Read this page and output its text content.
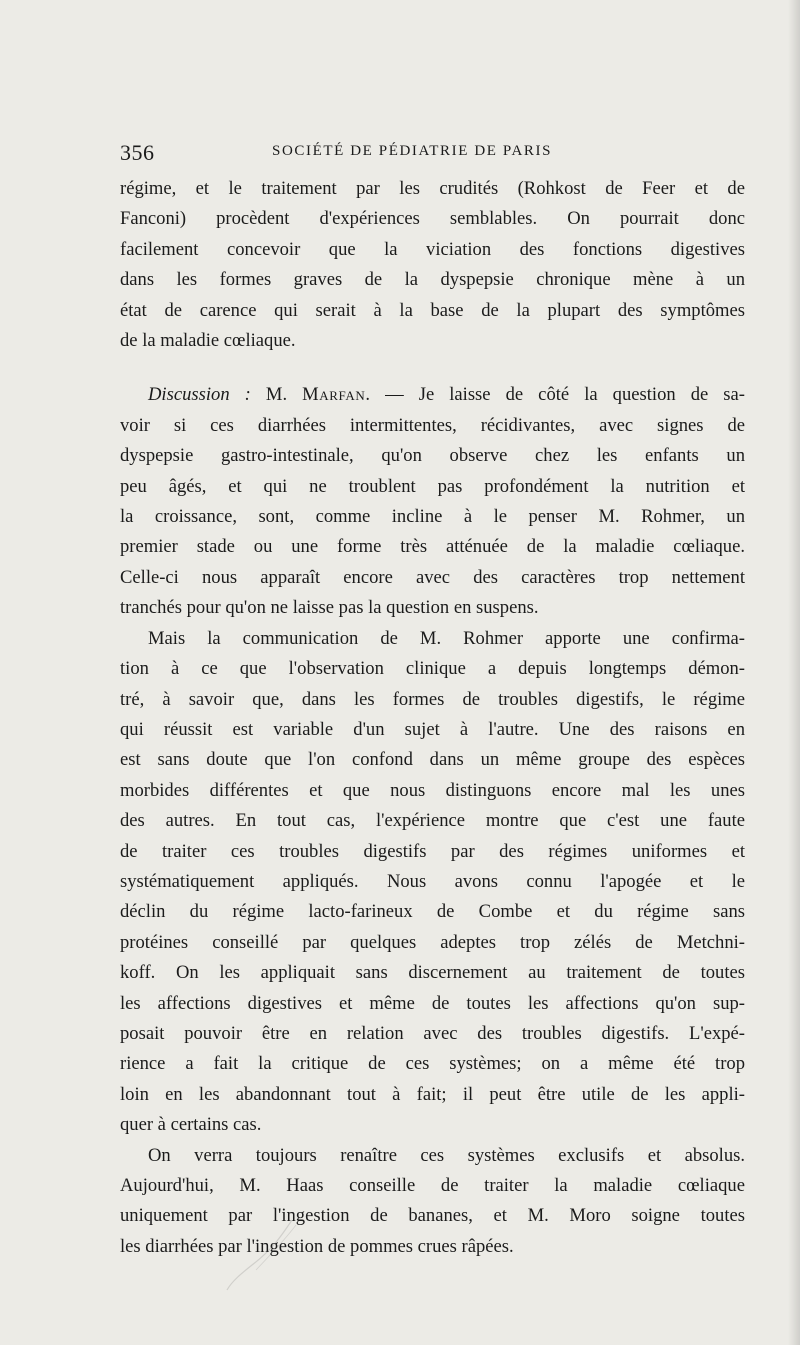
356	SOCIÉTÉ DE PÉDIATRIE DE PARIS
régime, et le traitement par les crudités (Rohkost de Feer et de
Fanconi) procèdent d'expériences semblables. On pourrait donc
facilement concevoir que la viciation des fonctions digestives
dans les formes graves de la dyspepsie chronique mène à un
état de carence qui serait à la base de la plupart des symptômes
de la maladie cœliaque.
Discussion : M. Marfan. — Je laisse de côté la question de sa-
voir si ces diarrhées intermittentes, récidivantes, avec signes de
dyspepsie gastro-intestinale, qu'on observe chez les enfants un
peu âgés, et qui ne troublent pas profondément la nutrition et
la croissance, sont, comme incline à le penser M. Rohmer, un
premier stade ou une forme très atténuée de la maladie cœliaque.
Celle-ci nous apparaît encore avec des caractères trop nettement
tranchés pour qu'on ne laisse pas la question en suspens.
Mais la communication de M. Rohmer apporte une confirma-
tion à ce que l'observation clinique a depuis longtemps démon-
tré, à savoir que, dans les formes de troubles digestifs, le régime
qui réussit est variable d'un sujet à l'autre. Une des raisons en
est sans doute que l'on confond dans un même groupe des espèces
morbides différentes et que nous distinguons encore mal les unes
des autres. En tout cas, l'expérience montre que c'est une faute
de traiter ces troubles digestifs par des régimes uniformes et
systématiquement appliqués. Nous avons connu l'apogée et le
déclin du régime lacto-farineux de Combe et du régime sans
protéines conseillé par quelques adeptes trop zélés de Metchni-
koff. On les appliquait sans discernement au traitement de toutes
les affections digestives et même de toutes les affections qu'on sup-
posait pouvoir être en relation avec des troubles digestifs. L'expé-
rience a fait la critique de ces systèmes; on a même été trop
loin en les abandonnant tout à fait; il peut être utile de les appli-
quer à certains cas.
On verra toujours renaître ces systèmes exclusifs et absolus.
Aujourd'hui, M. Haas conseille de traiter la maladie cœliaque
uniquement par l'ingestion de bananes, et M. Moro soigne toutes
les diarrhées par l'ingestion de pommes crues râpées.
